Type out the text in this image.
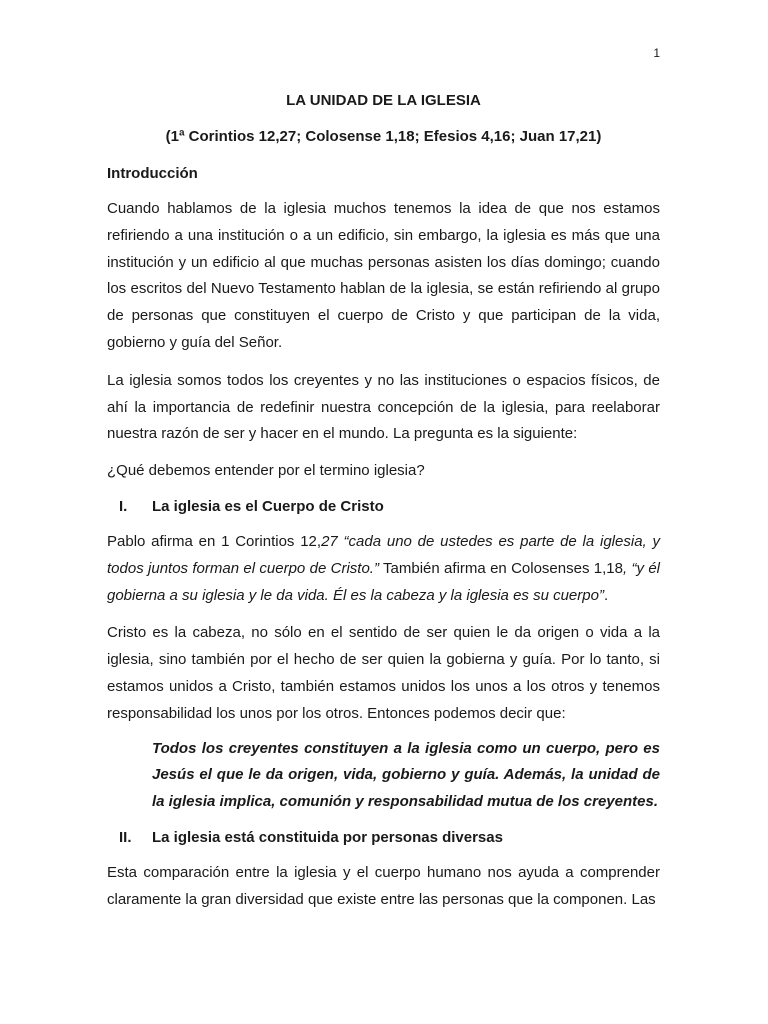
1
LA UNIDAD DE LA IGLESIA
(1ª Corintios 12,27; Colosense 1,18; Efesios 4,16; Juan 17,21)
Introducción

Cuando hablamos de la iglesia muchos tenemos la idea de que nos estamos refiriendo a una institución o a un edificio, sin embargo, la iglesia es más que una institución y un edificio al que muchas personas asisten los días domingo; cuando los escritos del Nuevo Testamento hablan de la iglesia, se están refiriendo al grupo de personas que constituyen el cuerpo de Cristo y que participan de la vida, gobierno y guía del Señor.

La iglesia somos todos los creyentes y no las instituciones o espacios físicos, de ahí la importancia de redefinir nuestra concepción de la iglesia, para reelaborar nuestra razón de ser y hacer en el mundo. La pregunta es la siguiente:

¿Qué debemos entender por el termino iglesia?

I.	La iglesia es el Cuerpo de Cristo

Pablo afirma en 1 Corintios 12,27 “cada uno de ustedes es parte de la iglesia, y todos juntos forman el cuerpo de Cristo.” También afirma en Colosenses 1,18, “y él gobierna a su iglesia y le da vida. Él es la cabeza y la iglesia es su cuerpo”.

Cristo es la cabeza, no sólo en el sentido de ser quien le da origen o vida a la iglesia, sino también por el hecho de ser quien la gobierna y guía. Por lo tanto, si estamos unidos a Cristo, también estamos unidos los unos a los otros y tenemos responsabilidad los unos por los otros. Entonces podemos decir que:

Todos los creyentes constituyen a la iglesia como un cuerpo, pero es Jesús el que le da origen, vida, gobierno y guía. Además, la unidad de la iglesia implica, comunión y responsabilidad mutua de los creyentes.

II.	La iglesia está constituida por personas diversas

Esta comparación entre la iglesia y el cuerpo humano nos ayuda a comprender claramente la gran diversidad que existe entre las personas que la componen. Las
